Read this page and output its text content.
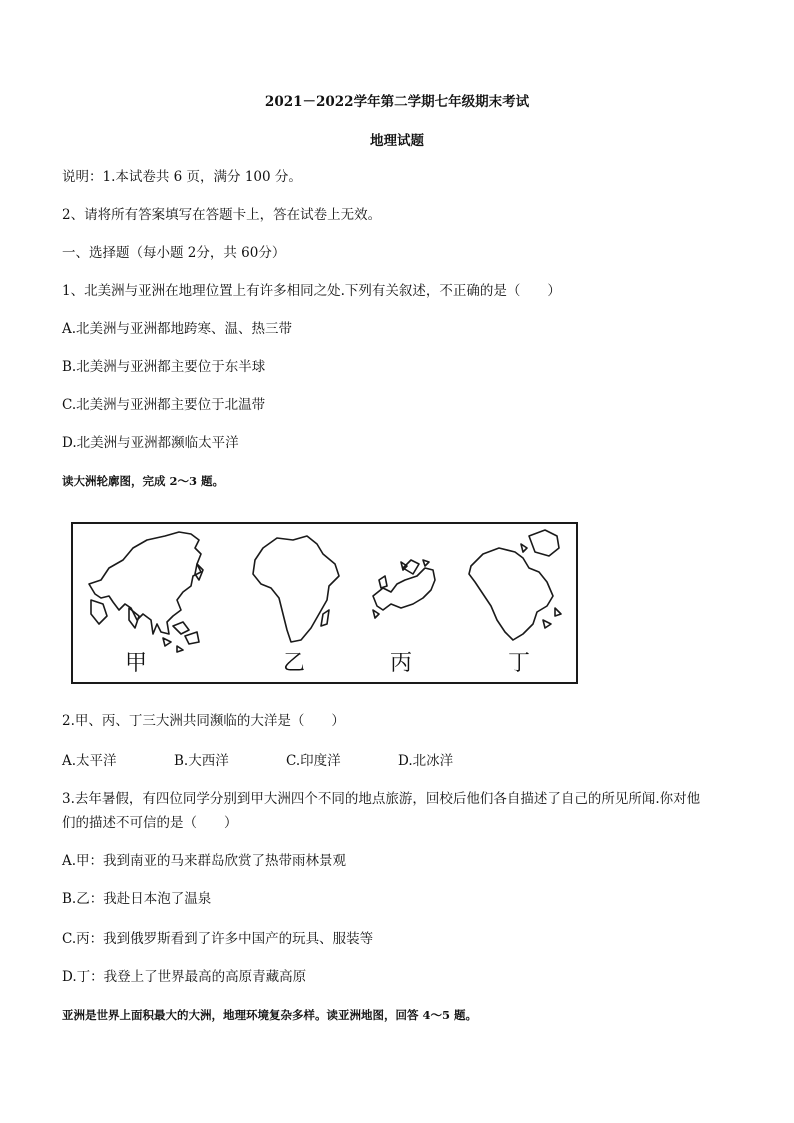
2021－2022学年第二学期七年级期末考试
地理试题
说明：1.本试卷共 6 页，满分 100 分。
2、请将所有答案填写在答题卡上，答在试卷上无效。
一、选择题（每小题 2分，共 60分）
1、北美洲与亚洲在地理位置上有许多相同之处.下列有关叙述，不正确的是（　　）
A.北美洲与亚洲都地跨寒、温、热三带
B.北美洲与亚洲都主要位于东半球
C.北美洲与亚洲都主要位于北温带
D.北美洲与亚洲都濒临太平洋
读大洲轮廓图，完成 2～3 题。
甲	乙	丙	丁
2.甲、丙、丁三大洲共同濒临的大洋是（　　）
A.太平洋	B.大西洋	C.印度洋	D.北冰洋
3.去年暑假，有四位同学分别到甲大洲四个不同的地点旅游，回校后他们各自描述了自己的所见所闻.你对他
们的描述不可信的是（　　）
A.甲：我到南亚的马来群岛欣赏了热带雨林景观
B.乙：我赴日本泡了温泉
C.丙：我到俄罗斯看到了许多中国产的玩具、服装等
D.丁：我登上了世界最高的高原青藏高原
亚洲是世界上面积最大的大洲，地理环境复杂多样。读亚洲地图，回答 4～5 题。
